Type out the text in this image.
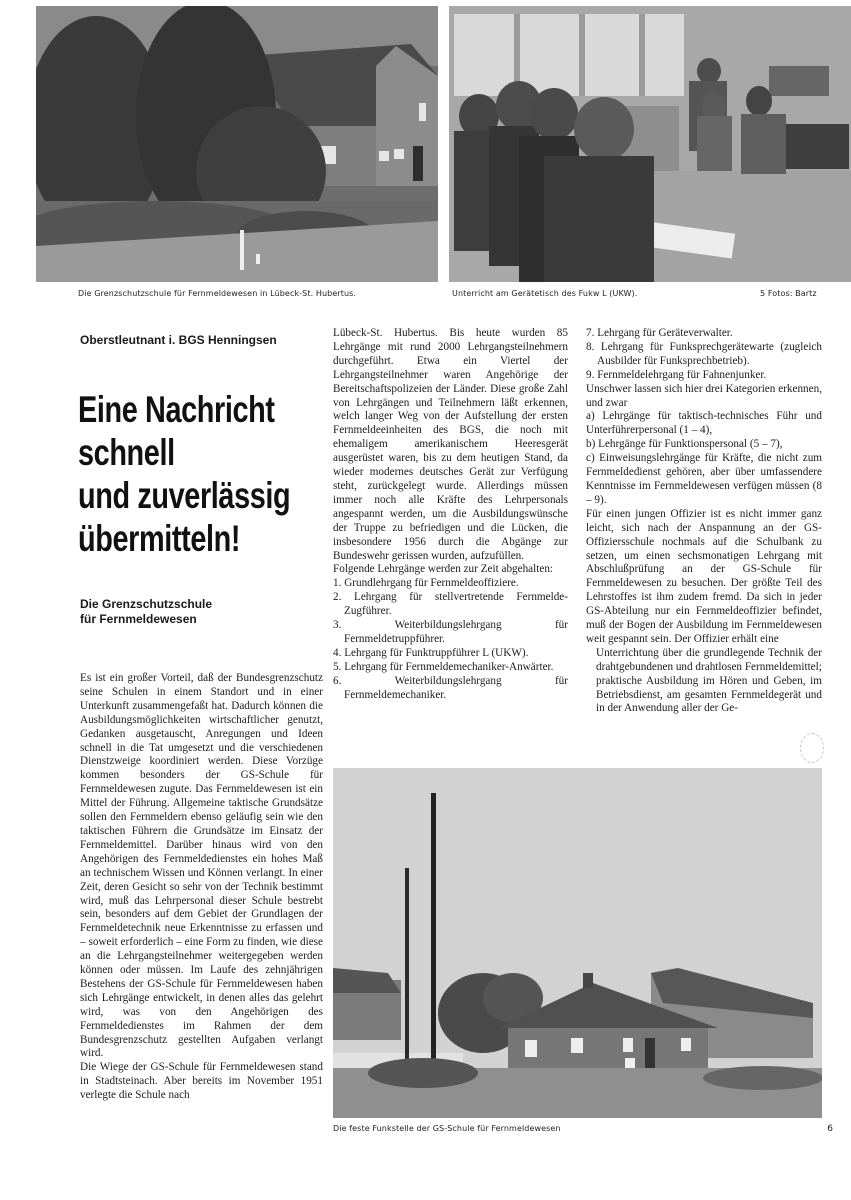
Die Grenzschutzschule für Fernmeldewesen in Lübeck-St. Hubertus.	Unterricht am Gerätetisch des Fukw L (UKW).	5 Fotos: Bartz
Oberstleutnant i. BGS Henningsen
Eine Nachricht
schnell
und zuverlässig
übermitteln!
Die Grenzschutzschule
für Fernmeldewesen

Es ist ein großer Vorteil, daß der Bundesgrenzschutz seine Schulen in einem Standort und in einer Unterkunft zusammengefaßt hat. Dadurch können die Ausbildungsmöglichkeiten wirtschaftlicher genutzt, Gedanken ausgetauscht, Anregungen und Ideen schnell in die Tat umgesetzt und die verschiedenen Dienstzweige koordiniert werden. Diese Vorzüge kommen besonders der GS-Schule für Fernmeldewesen zugute. Das Fernmeldewesen ist ein Mittel der Führung. Allgemeine taktische Grundsätze sollen den Fernmeldern ebenso geläufig sein wie den taktischen Führern die Grundsätze im Einsatz der Fernmeldemittel. Darüber hinaus wird von den Angehörigen des Fernmeldedienstes ein hohes Maß an technischem Wissen und Können verlangt. In einer Zeit, deren Gesicht so sehr von der Technik bestimmt wird, muß das Lehrpersonal dieser Schule bestrebt sein, besonders auf dem Gebiet der Grundlagen der Fernmeldetechnik neue Erkenntnisse zu erfassen und – soweit erforderlich – eine Form zu finden, wie diese an die Lehrgangsteilnehmer weitergegeben werden können oder müssen. Im Laufe des zehnjährigen Bestehens der GS-Schule für Fernmeldewesen haben sich Lehrgänge entwickelt, in denen alles das gelehrt wird, was von den Angehörigen des Fernmeldedienstes im Rahmen der dem Bundesgrenzschutz gestellten Aufgaben verlangt wird.

Die Wiege der GS-Schule für Fernmeldewesen stand in Stadtsteinach. Aber bereits im November 1951 verlegte die Schule nach

Lübeck-St. Hubertus. Bis heute wurden 85 Lehrgänge mit rund 2000 Lehrgangsteilnehmern durchgeführt. Etwa ein Viertel der Lehrgangsteilnehmer waren Angehörige der Bereitschaftspolizeien der Länder. Diese große Zahl von Lehrgängen und Teilnehmern läßt erkennen, welch langer Weg von der Aufstellung der ersten Fernmeldeeinheiten des BGS, die noch mit ehemaligem amerikanischem Heeresgerät ausgerüstet waren, bis zu dem heutigen Stand, da wieder modernes deutsches Gerät zur Verfügung steht, zurückgelegt wurde. Allerdings müssen immer noch alle Kräfte des Lehrpersonals angespannt werden, um die Ausbildungswünsche der Truppe zu befriedigen und die Lücken, die insbesondere 1956 durch die Abgänge zur Bundeswehr gerissen wurden, aufzufüllen.

Folgende Lehrgänge werden zur Zeit abgehalten:

1. Grundlehrgang für Fernmeldeoffiziere.
2. Lehrgang für stellvertretende Fernmelde-Zugführer.
3. Weiterbildungslehrgang für Fernmeldetruppführer.
4. Lehrgang für Funktruppführer L (UKW).
5. Lehrgang für Fernmeldemechaniker-Anwärter.
6. Weiterbildungslehrgang für Fernmeldemechaniker.
7. Lehrgang für Geräteverwalter.
8. Lehrgang für Funksprechgerätewarte (zugleich Ausbilder für Funksprechbetrieb).
9. Fernmeldelehrgang für Fahnenjunker.

Unschwer lassen sich hier drei Kategorien erkennen, und zwar

a) Lehrgänge für taktisch-technisches Führ und Unterführerpersonal (1 – 4),

b) Lehrgänge für Funktionspersonal (5 – 7),

c) Einweisungslehrgänge für Kräfte, die nicht zum Fernmeldedienst gehören, aber über umfassendere Kenntnisse im Fernmeldewesen verfügen müssen (8 – 9).

Für einen jungen Offizier ist es nicht immer ganz leicht, sich nach der Anspannung an der GS-Offiziersschule nochmals auf die Schulbank zu setzen, um einen sechsmonatigen Lehrgang mit Abschlußprüfung an der GS-Schule für Fernmeldewesen zu besuchen. Der größte Teil des Lehrstoffes ist ihm zudem fremd. Da sich in jeder GS-Abteilung nur ein Fernmeldeoffizier befindet, muß der Bogen der Ausbildung im Fernmeldewesen weit gespannt sein. Der Offizier erhält eine

Unterrichtung über die grundlegende Technik der drahtgebundenen und drahtlosen Fernmeldemittel;

praktische Ausbildung im Hören und Geben, im Betriebsdienst, am gesamten Fernmeldegerät und in der Anwendung aller der Ge-

Die feste Funkstelle der GS-Schule für Fernmeldewesen	6
